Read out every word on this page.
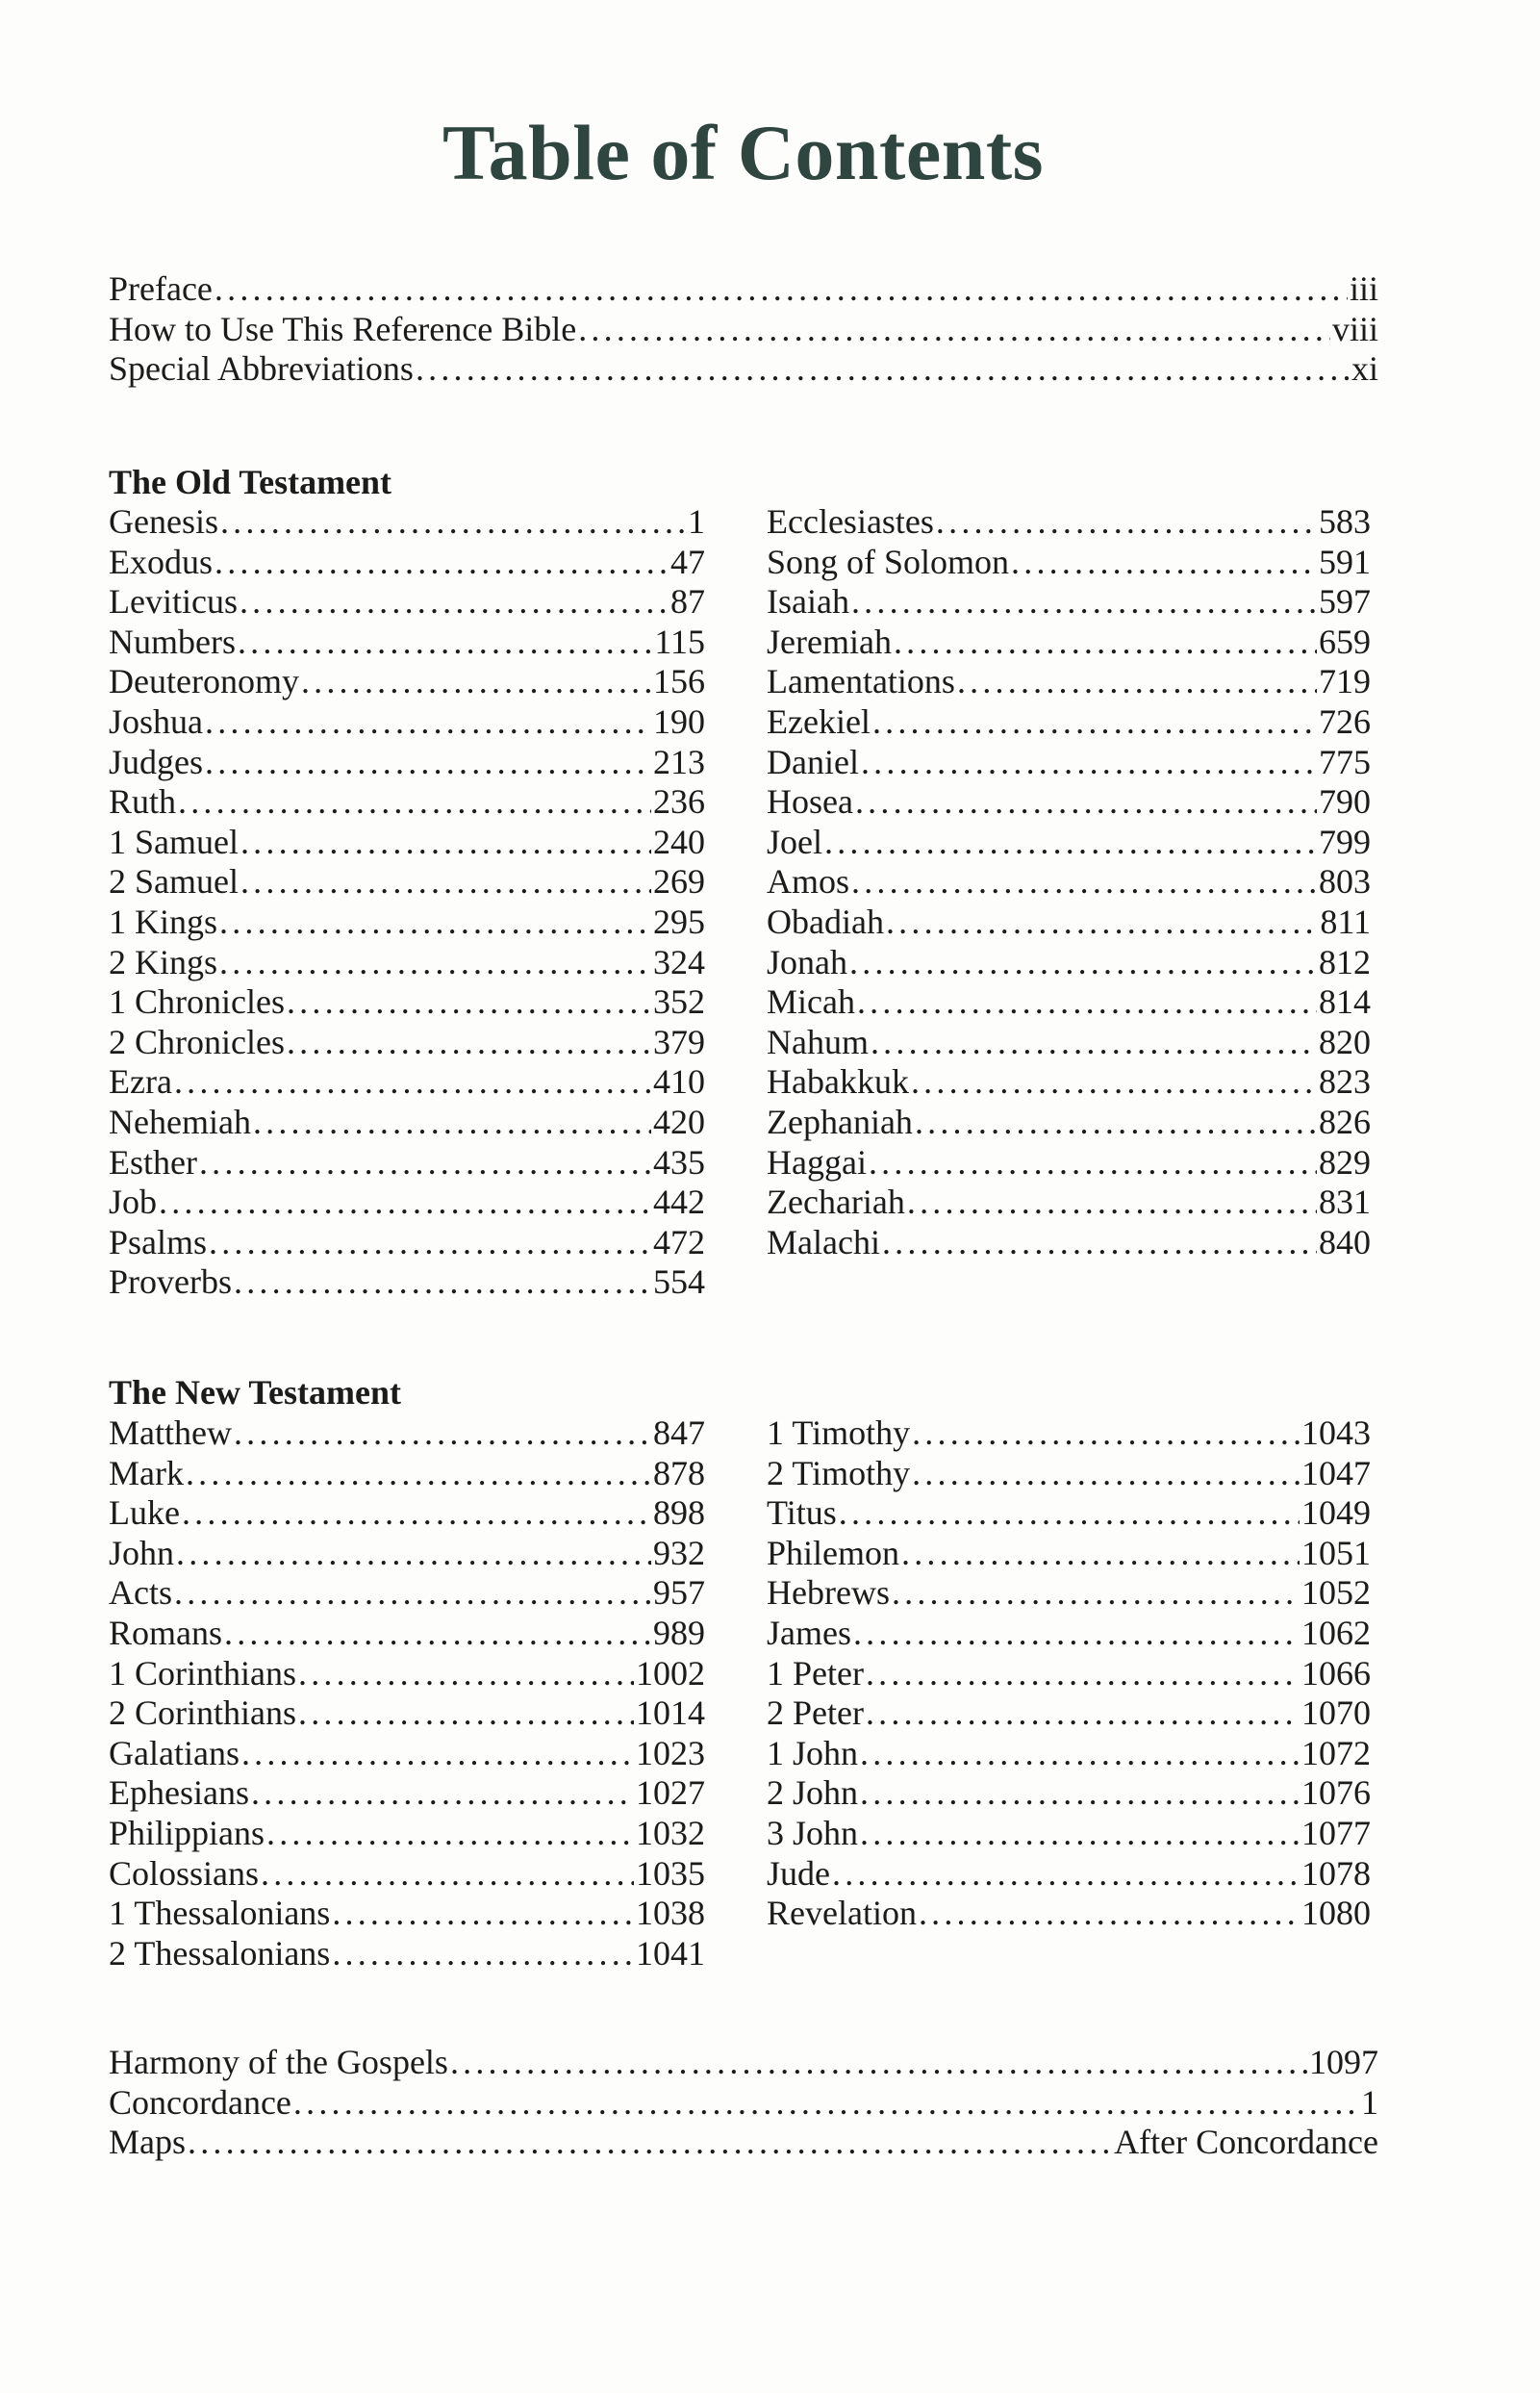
Table of Contents
Preface .....	iii
How to Use This Reference Bible .....	viii
Special Abbreviations .....	xi
The Old Testament
Genesis .....	1
Exodus .....	47
Leviticus .....	87
Numbers .....	115
Deuteronomy .....	156
Joshua .....	190
Judges .....	213
Ruth .....	236
1 Samuel .....	240
2 Samuel .....	269
1 Kings .....	295
2 Kings .....	324
1 Chronicles .....	352
2 Chronicles .....	379
Ezra .....	410
Nehemiah .....	420
Esther .....	435
Job .....	442
Psalms .....	472
Proverbs .....	554
Ecclesiastes .....	583
Song of Solomon .....	591
Isaiah .....	597
Jeremiah .....	659
Lamentations .....	719
Ezekiel .....	726
Daniel .....	775
Hosea .....	790
Joel .....	799
Amos .....	803
Obadiah .....	811
Jonah .....	812
Micah .....	814
Nahum .....	820
Habakkuk .....	823
Zephaniah .....	826
Haggai .....	829
Zechariah .....	831
Malachi .....	840
The New Testament
Matthew .....	847
Mark .....	878
Luke .....	898
John .....	932
Acts .....	957
Romans .....	989
1 Corinthians .....	1002
2 Corinthians .....	1014
Galatians .....	1023
Ephesians .....	1027
Philippians .....	1032
Colossians .....	1035
1 Thessalonians .....	1038
2 Thessalonians .....	1041
1 Timothy .....	1043
2 Timothy .....	1047
Titus .....	1049
Philemon .....	1051
Hebrews .....	1052
James .....	1062
1 Peter .....	1066
2 Peter .....	1070
1 John .....	1072
2 John .....	1076
3 John .....	1077
Jude .....	1078
Revelation .....	1080
Harmony of the Gospels .....	1097
Concordance .....	1
Maps .....	After Concordance
